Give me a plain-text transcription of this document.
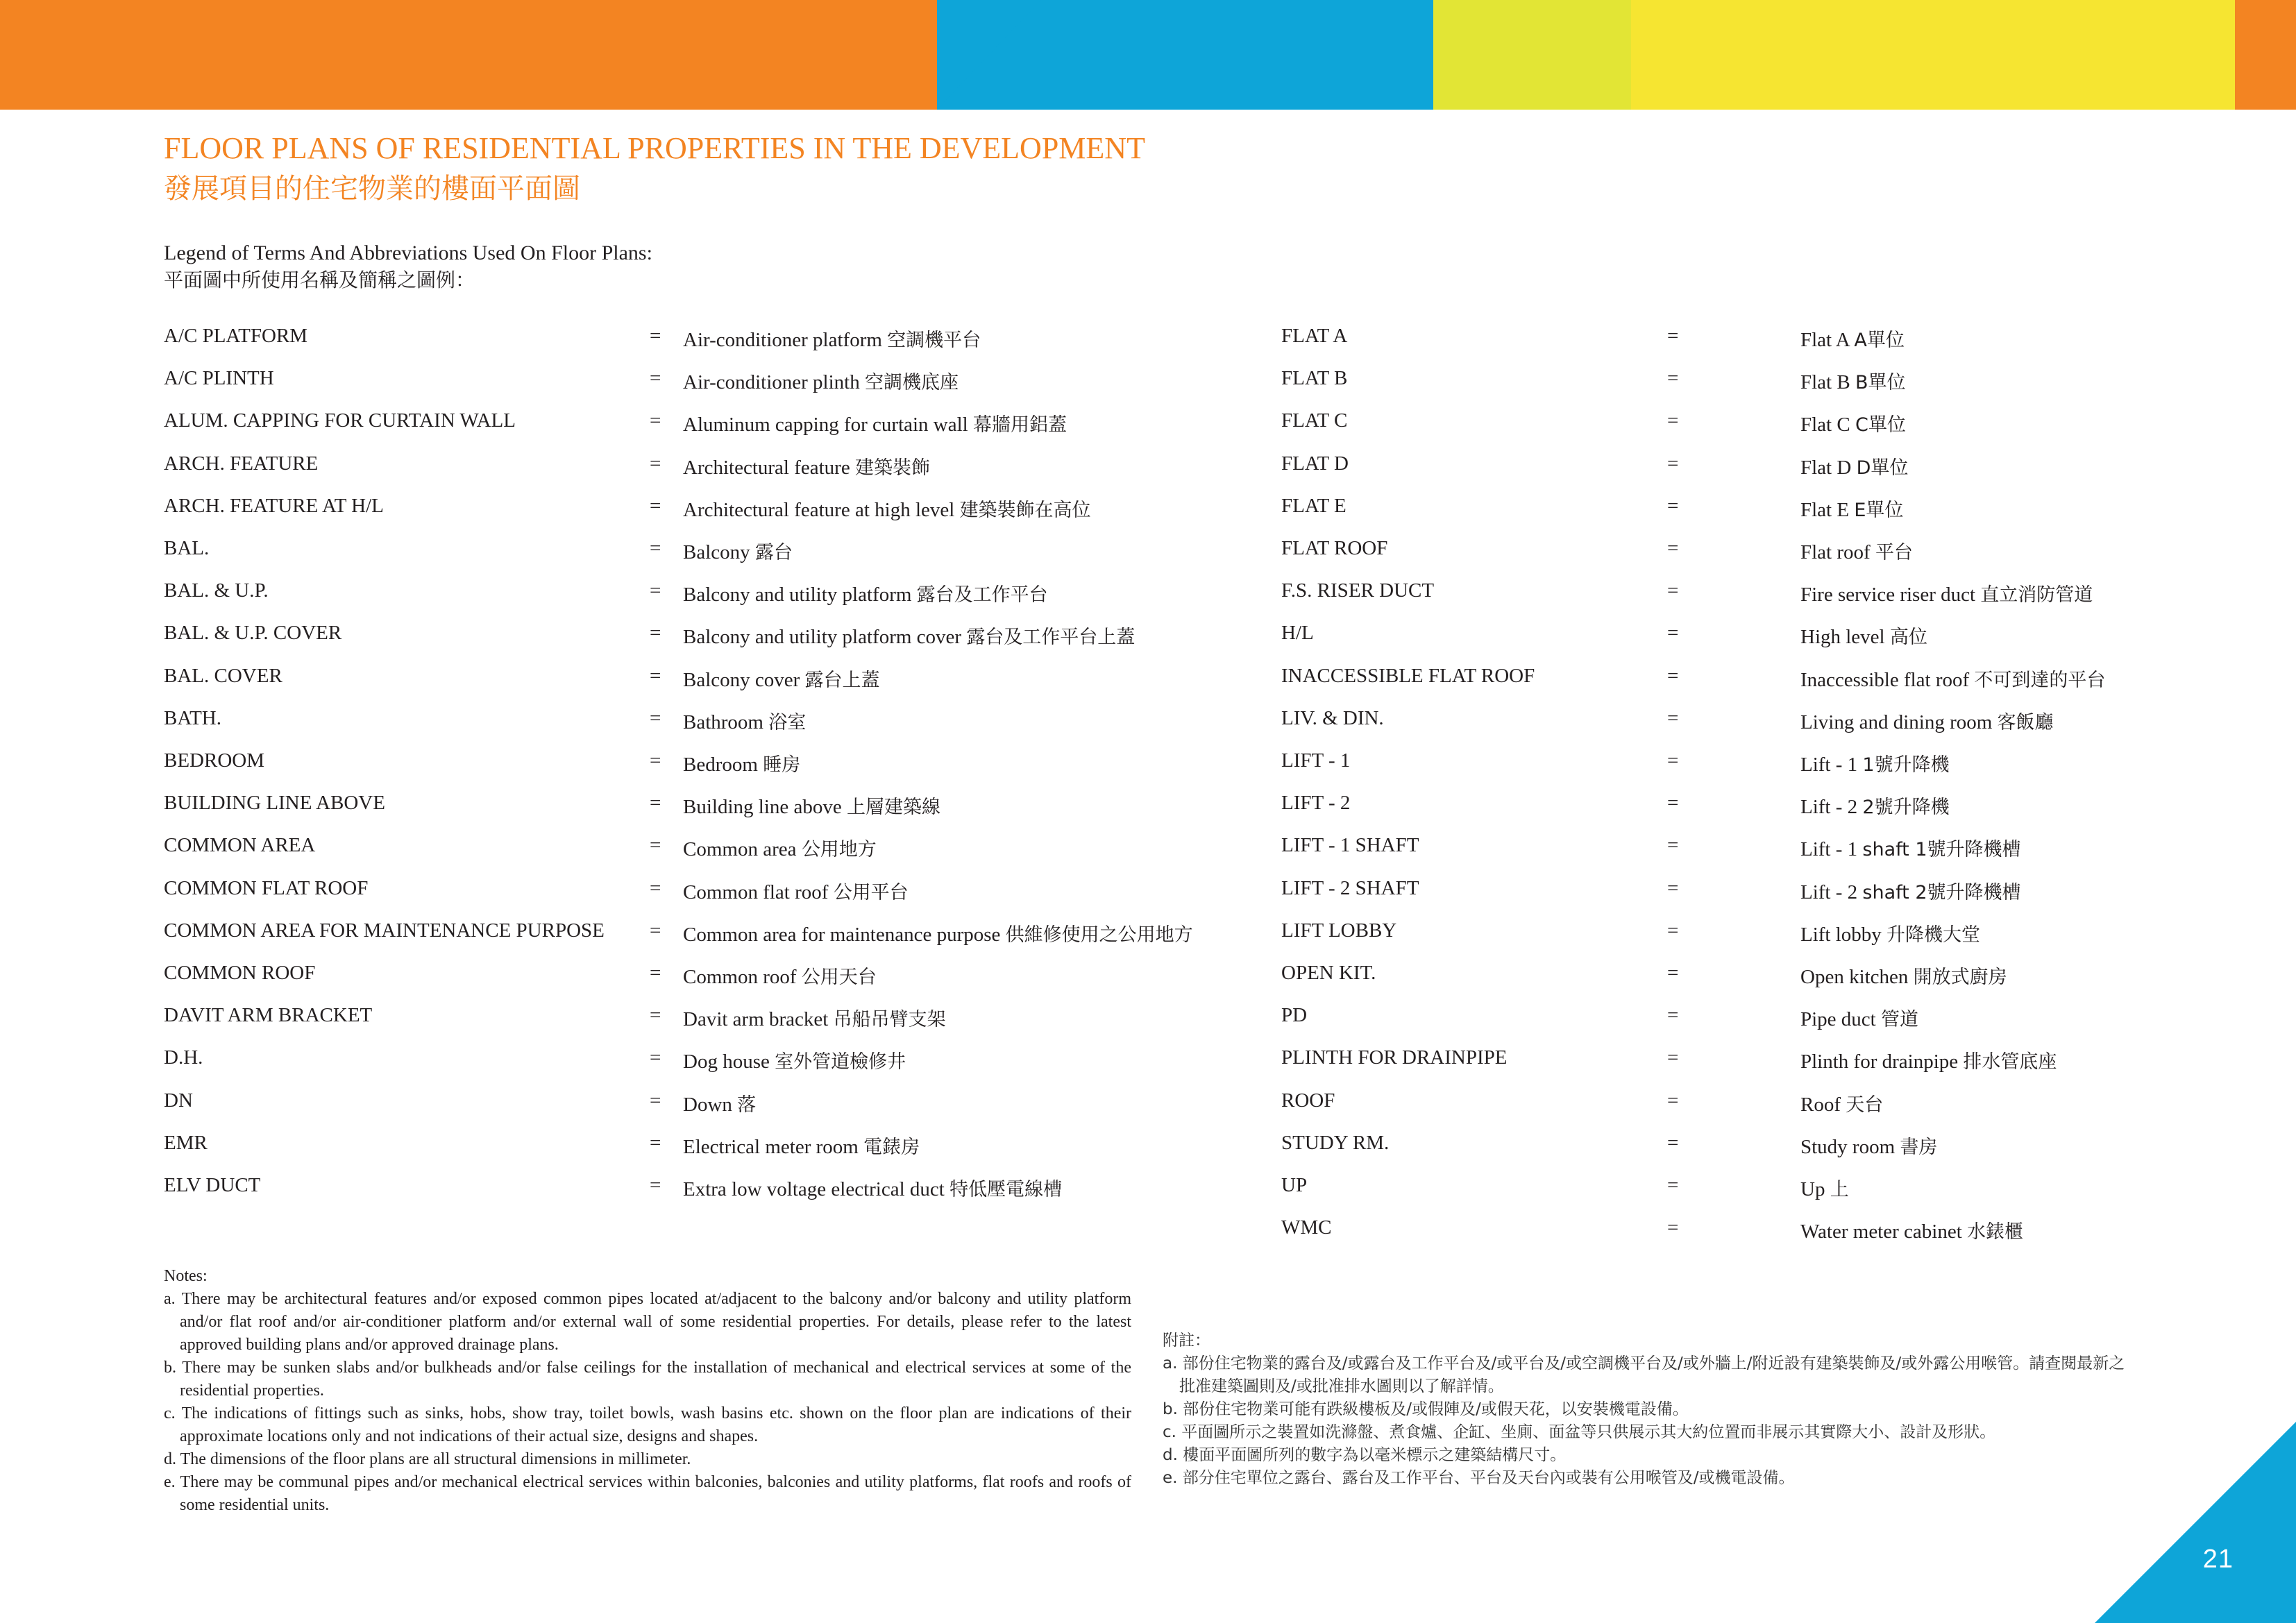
FLOOR PLANS OF RESIDENTIAL PROPERTIES IN THE DEVELOPMENT
發展項目的住宅物業的樓面平面圖
Legend of Terms And Abbreviations Used On Floor Plans:
平面圖中所使用名稱及簡稱之圖例：
A/C PLATFORM	= Air-conditioner platform 空調機平台
A/C PLINTH	= Air-conditioner plinth 空調機底座
ALUM. CAPPING FOR CURTAIN WALL	= Aluminum capping for curtain wall 幕牆用鋁蓋
ARCH. FEATURE	= Architectural feature 建築裝飾
ARCH. FEATURE AT H/L	= Architectural feature at high level 建築裝飾在高位
BAL.	= Balcony 露台
BAL. & U.P.	= Balcony and utility platform 露台及工作平台
BAL. & U.P. COVER	= Balcony and utility platform cover 露台及工作平台上蓋
BAL. COVER	= Balcony cover 露台上蓋
BATH.	= Bathroom 浴室
BEDROOM	= Bedroom 睡房
BUILDING LINE ABOVE	= Building line above 上層建築線
COMMON AREA	= Common area 公用地方
COMMON FLAT ROOF	= Common flat roof 公用平台
COMMON AREA FOR MAINTENANCE PURPOSE = Common area for maintenance purpose 供維修使用之公用地方
COMMON ROOF	= Common roof 公用天台
DAVIT ARM BRACKET	= Davit arm bracket 吊船吊臂支架
D.H.	= Dog house 室外管道檢修井
DN	= Down 落
EMR	= Electrical meter room 電錶房
ELV DUCT	= Extra low voltage electrical duct 特低壓電線槽
FLAT A	=	Flat A A單位
FLAT B	=	Flat B B單位
FLAT C	=	Flat C C單位
FLAT D	=	Flat D D單位
FLAT E	=	Flat E E單位
FLAT ROOF	=	Flat roof 平台
F.S. RISER DUCT	=	Fire service riser duct 直立消防管道
H/L	=	High level 高位
INACCESSIBLE FLAT ROOF	=	Inaccessible flat roof 不可到達的平台
LIV. & DIN.	=	Living and dining room 客飯廳
LIFT - 1	=	Lift - 1 1號升降機
LIFT - 2	=	Lift - 2 2號升降機
LIFT - 1 SHAFT	=	Lift - 1 shaft 1號升降機槽
LIFT - 2 SHAFT	=	Lift - 2 shaft 2號升降機槽
LIFT LOBBY	=	Lift lobby 升降機大堂
OPEN KIT.	=	Open kitchen 開放式廚房
PD	=	Pipe duct 管道
PLINTH FOR DRAINPIPE	=	Plinth for drainpipe 排水管底座
ROOF	=	Roof 天台
STUDY RM.	=	Study room 書房
UP	=	Up 上
WMC	=	Water meter cabinet 水錶櫃
Notes:
a. There may be architectural features and/or exposed common pipes located at/adjacent to the balcony and/or balcony and utility platform and/or flat roof and/or air-conditioner platform and/or external wall of some residential properties. For details, please refer to the latest approved building plans and/or approved drainage plans.
b. There may be sunken slabs and/or bulkheads and/or false ceilings for the installation of mechanical and electrical services at some of the residential properties.
c. The indications of fittings such as sinks, hobs, show tray, toilet bowls, wash basins etc. shown on the floor plan are indications of their approximate locations only and not indications of their actual size, designs and shapes.
d. The dimensions of the floor plans are all structural dimensions in millimeter.
e. There may be communal pipes and/or mechanical electrical services within balconies, balconies and utility platforms, flat roofs and roofs of some residential units.
附註：
a. 部份住宅物業的露台及/或露台及工作平台及/或平台及/或空調機平台及/或外牆上/附近設有建築裝飾及/或外露公用喉管。請查閱最新之批准建築圖則及/或批准排水圖則以了解詳情。
b. 部份住宅物業可能有跌級樓板及/或假陣及/或假天花，以安裝機電設備。
c. 平面圖所示之裝置如洗滌盤、煮食爐、企缸、坐廁、面盆等只供展示其大約位置而非展示其實際大小、設計及形狀。
d. 樓面平面圖所列的數字為以毫米標示之建築結構尺寸。
e. 部分住宅單位之露台、露台及工作平台、平台及天台內或裝有公用喉管及/或機電設備。
21
